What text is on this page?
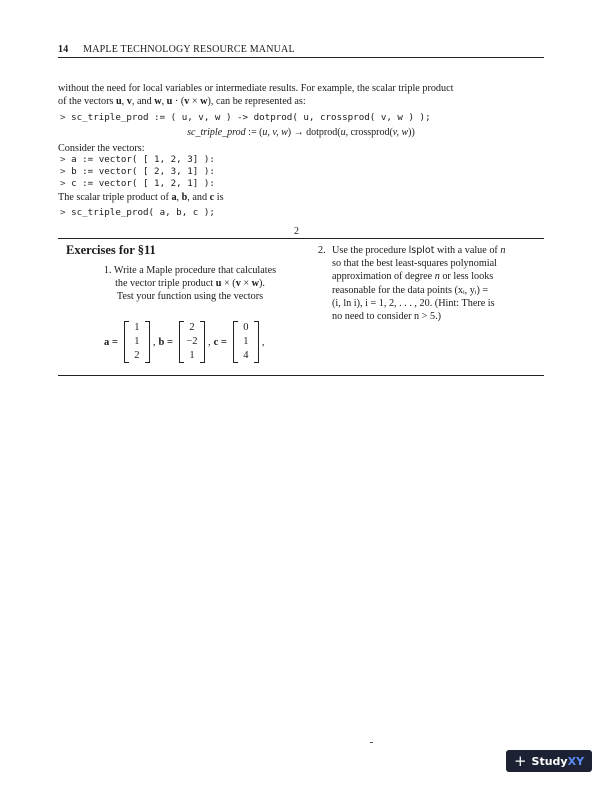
14 MAPLE TECHNOLOGY RESOURCE MANUAL
without the need for local variables or intermediate results. For example, the scalar triple product
of the vectors u, v, and w, u · (v × w), can be represented as:
> sc_triple_prod := ( u, v, w ) -> dotprod( u, crossprod( v, w ) );
sc_triple_prod := (u, v, w) → dotprod(u, crossprod(v, w))
Consider the vectors:
> a := vector( [ 1, 2, 3] ):
> b := vector( [ 2, 3, 1] ):
> c := vector( [ 1, 2, 1] ):
The scalar triple product of a, b, and c is
> sc_triple_prod( a, b, c );
2
Exercises for §11
1. Write a Maple procedure that calculates
the vector triple product u × (v × w).
Test your function using the vectors
a =
1
1
2
, b =
2
−2
1
, c =
0
1
4
,
2. Use the procedure lsplot with a value of n
so that the best least-squares polynomial
approximation of degree n or less looks
reasonable for the data points (xᵢ, yᵢ) =
(i, ln i), i = 1, 2, . . . , 20. (Hint: There is
no need to consider n > 5.)
+ Study XY
